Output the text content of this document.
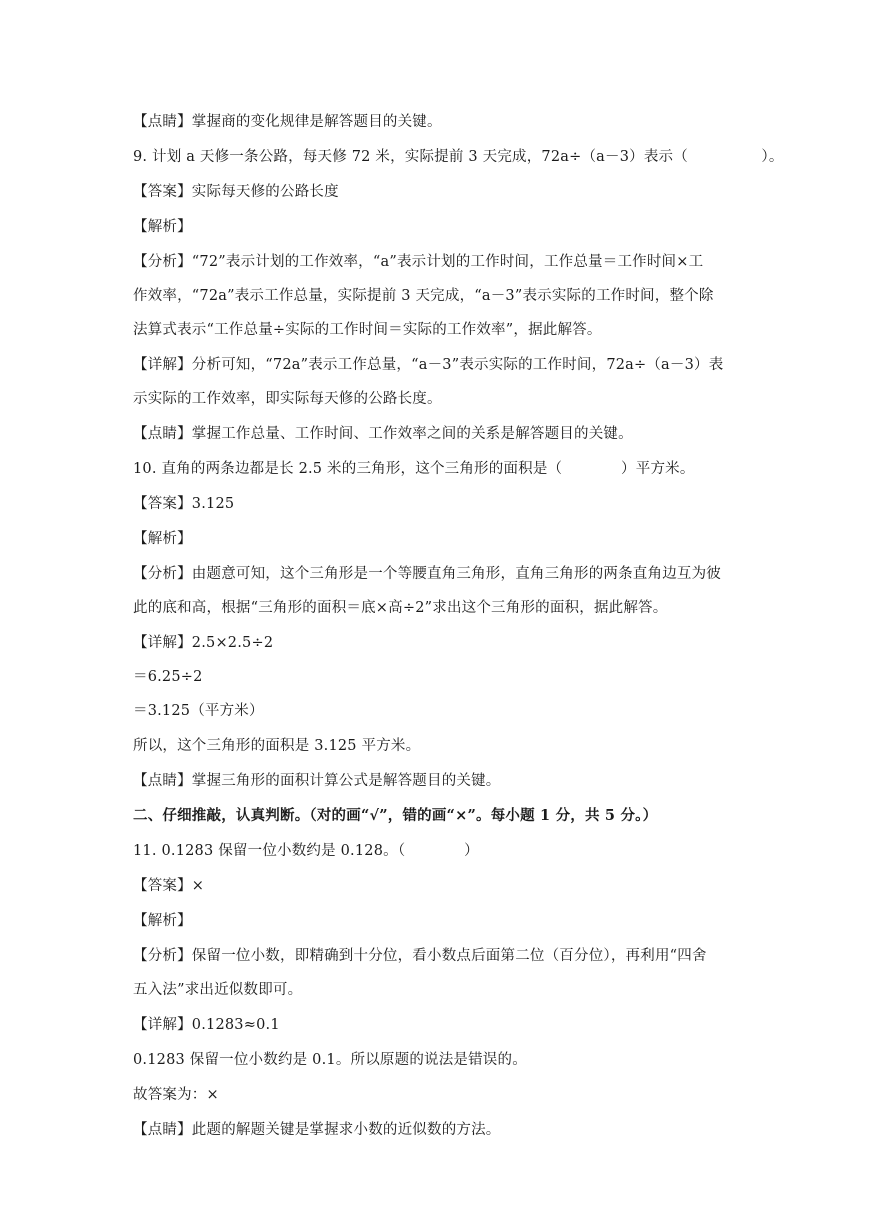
【点睛】掌握商的变化规律是解答题目的关键。
9. 计划 a 天修一条公路，每天修 72 米，实际提前 3 天完成，72a÷（a－3）表示（　　　　　）。
【答案】实际每天修的公路长度
【解析】
【分析】“72”表示计划的工作效率，“a”表示计划的工作时间，工作总量＝工作时间×工
作效率，“72a”表示工作总量，实际提前 3 天完成，“a－3”表示实际的工作时间，整个除
法算式表示“工作总量÷实际的工作时间＝实际的工作效率”，据此解答。
【详解】分析可知，“72a”表示工作总量，“a－3”表示实际的工作时间，72a÷（a－3）表
示实际的工作效率，即实际每天修的公路长度。
【点睛】掌握工作总量、工作时间、工作效率之间的关系是解答题目的关键。
10. 直角的两条边都是长 2.5 米的三角形，这个三角形的面积是（　　　　）平方米。
【答案】3.125
【解析】
【分析】由题意可知，这个三角形是一个等腰直角三角形，直角三角形的两条直角边互为彼
此的底和高，根据“三角形的面积＝底×高÷2”求出这个三角形的面积，据此解答。
【详解】2.5×2.5÷2
＝6.25÷2
＝3.125（平方米）
所以，这个三角形的面积是 3.125 平方米。
【点睛】掌握三角形的面积计算公式是解答题目的关键。
二、仔细推敲，认真判断。（对的画“√”，错的画“×”。每小题 1 分，共 5 分。）
11. 0.1283 保留一位小数约是 0.128。（　　　　）
【答案】×
【解析】
【分析】保留一位小数，即精确到十分位，看小数点后面第二位（百分位），再利用“四舍
五入法”求出近似数即可。
【详解】0.1283≈0.1
0.1283 保留一位小数约是 0.1。所以原题的说法是错误的。
故答案为：×
【点睛】此题的解题关键是掌握求小数的近似数的方法。
